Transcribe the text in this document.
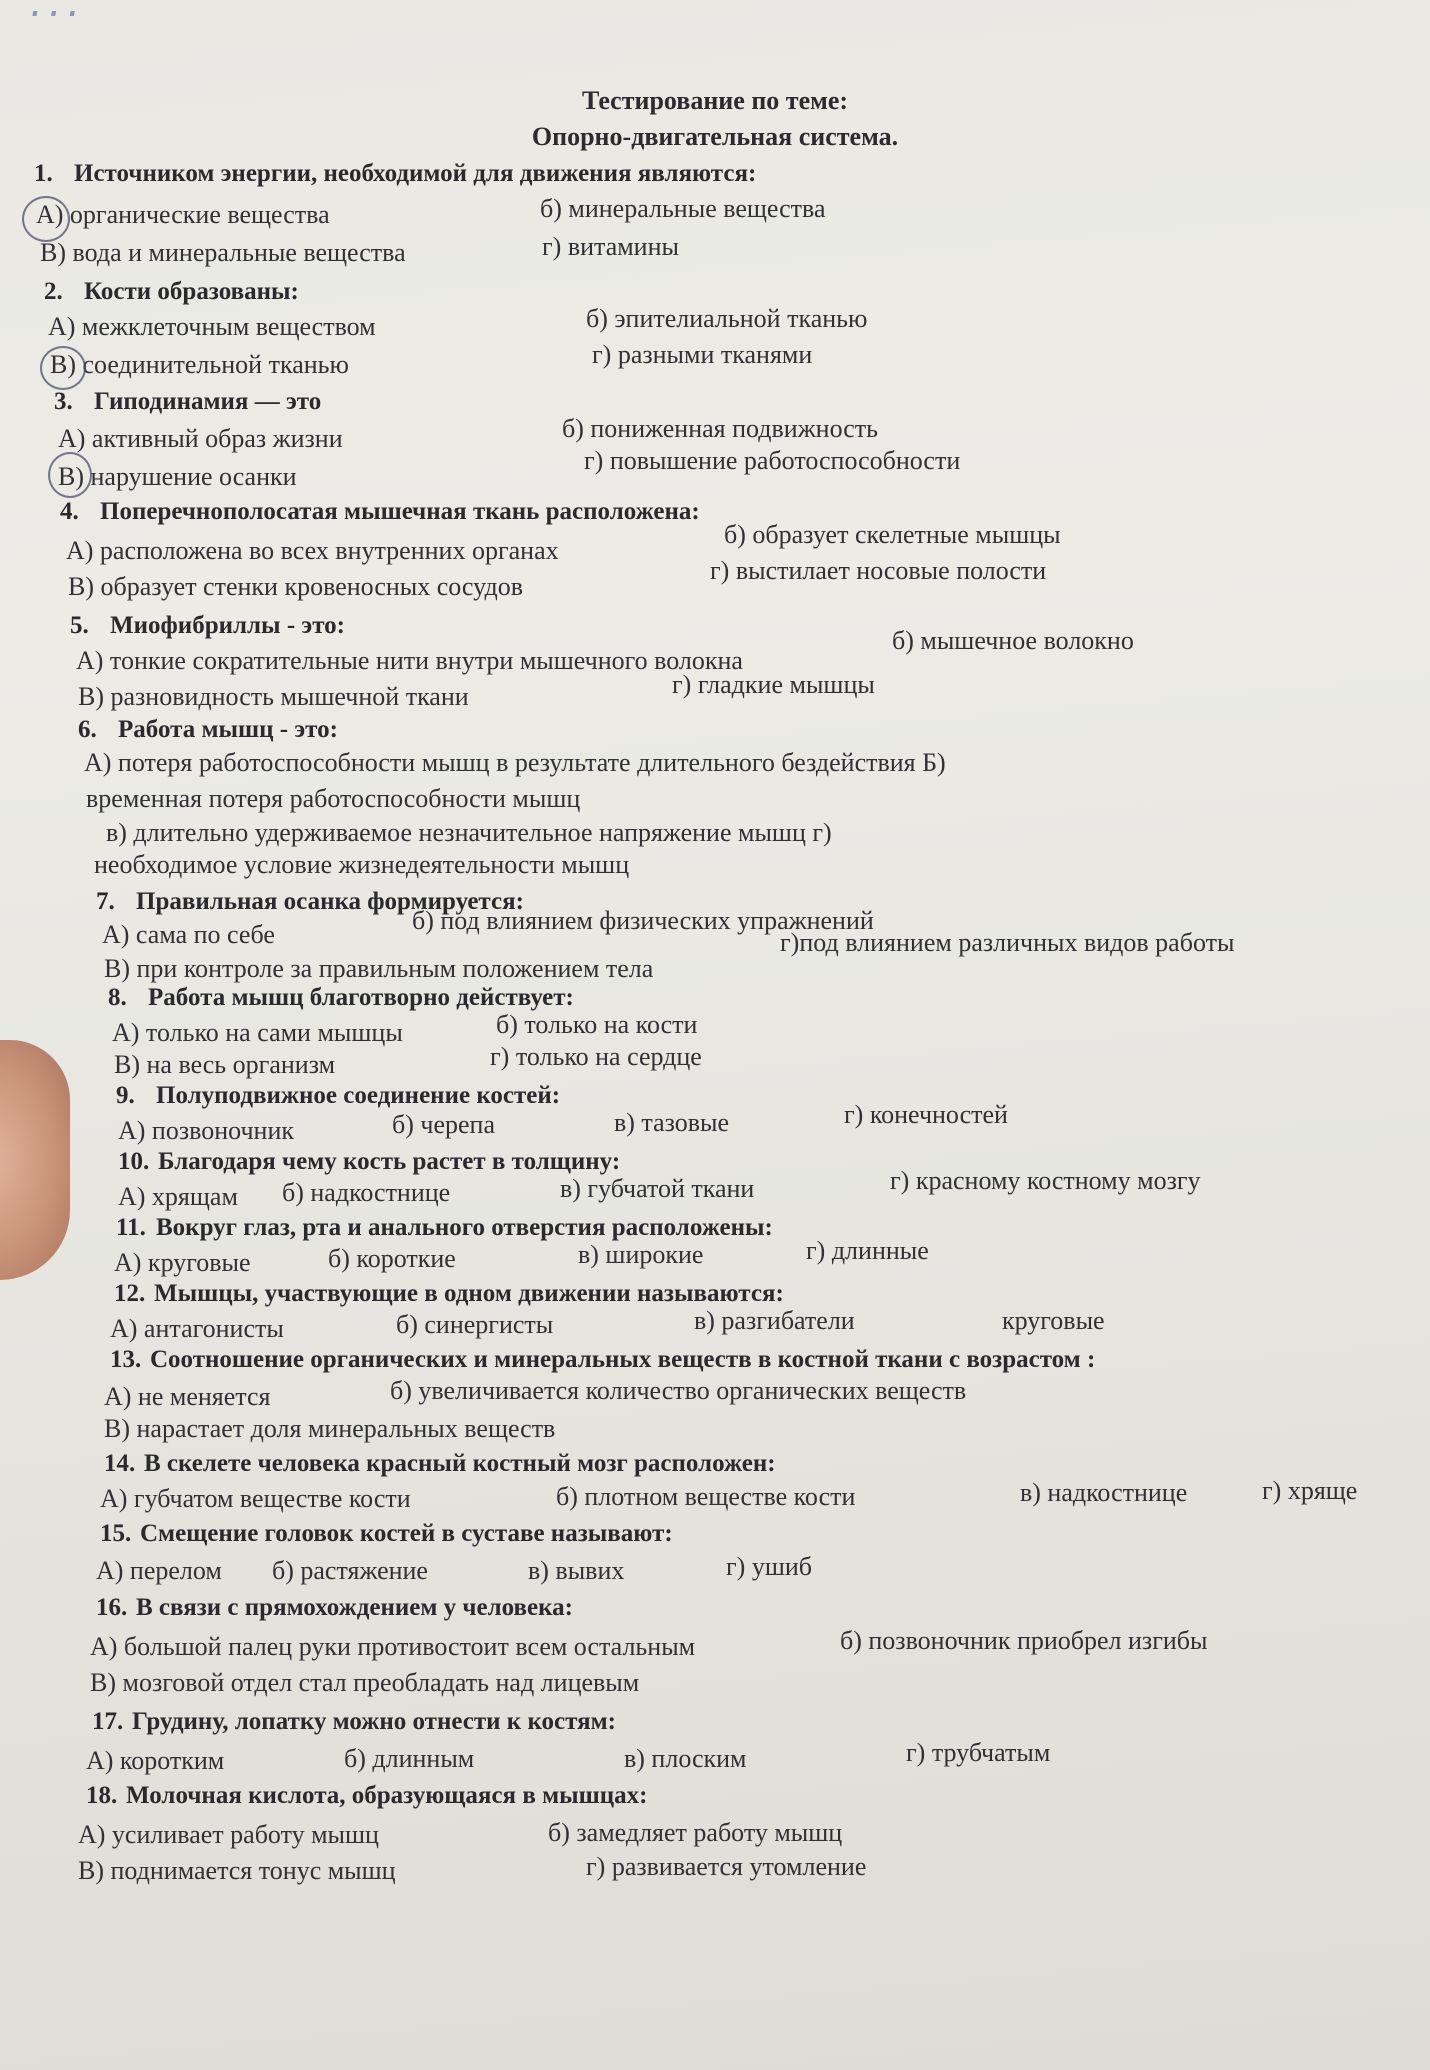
...
Тестирование по теме:
Опорно-двигательная система.
1. Источником энергии, необходимой для движения являются:
А) органические вещества	б) минеральные вещества
В) вода и минеральные вещества	г) витамины
2. Кости образованы:
А) межклеточным веществом	б) эпителиальной тканью
В) соединительной тканью	г) разными тканями
3. Гиподинамия — это
А) активный образ жизни	б) пониженная подвижность
В) нарушение осанки
г) повышение работоспособности
4. Поперечнополосатая мышечная ткань расположена:
А) расположена во всех внутренних органах
б) образует скелетные мышцы
В) образует стенки кровеносных сосудов
г) выстилает носовые полости
5. Миофибриллы - это:
А) тонкие сократительные нити внутри мышечного волокна
б) мышечное волокно
В) разновидность мышечной ткани	г) гладкие мышцы
6. Работа мышц - это:
А) потеря работоспособности мышц в результате длительного бездействия Б)
временная потеря работоспособности мышц
в) длительно удерживаемое незначительное напряжение мышц г)
необходимое условие жизнедеятельности мышц
7. Правильная осанка формируется:
А) сама по себе	б) под влиянием физических упражнений
В) при контроле за правильным положением тела
г)под влиянием различных видов работы
8. Работа мышц благотворно действует:
А) только на сами мышцы	б) только на кости
В) на весь организм	г) только на сердце
9. Полуподвижное соединение костей:
А) позвоночник	б) черепа	в) тазовые	г) конечностей
10. Благодаря чему кость растет в толщину:
А) хрящам б) надкостнице	в) губчатой ткани	г) красному костному мозгу
11. Вокруг глаз, рта и анального отверстия расположены:
А) круговые	б) короткие	в) широкие	г) длинные
12. Мышцы, участвующие в одном движении называются:
А) антагонисты	б) синергисты	в) разгибатели	круговые
13. Соотношение органических и минеральных веществ в костной ткани с возрастом :
А) не меняется	б) увеличивается количество органических веществ
В) нарастает доля минеральных веществ
14. В скелете человека красный костный мозг расположен:
А) губчатом веществе кости	б) плотном веществе кости	в) надкостнице	г) хряще
15. Смещение головок костей в суставе называют:
А) перелом б) растяжение	в) вывих	г) ушиб
16. В связи с прямохождением у человека:
А) большой палец руки противостоит всем остальным	б) позвоночник приобрел изгибы
В) мозговой отдел стал преобладать над лицевым
17. Грудину, лопатку можно отнести к костям:
А) коротким	б) длинным	в) плоским	г) трубчатым
18. Молочная кислота, образующаяся в мышцах:
А) усиливает работу мышц	б) замедляет работу мышц
В) поднимается тонус мышц	г) развивается утомление
